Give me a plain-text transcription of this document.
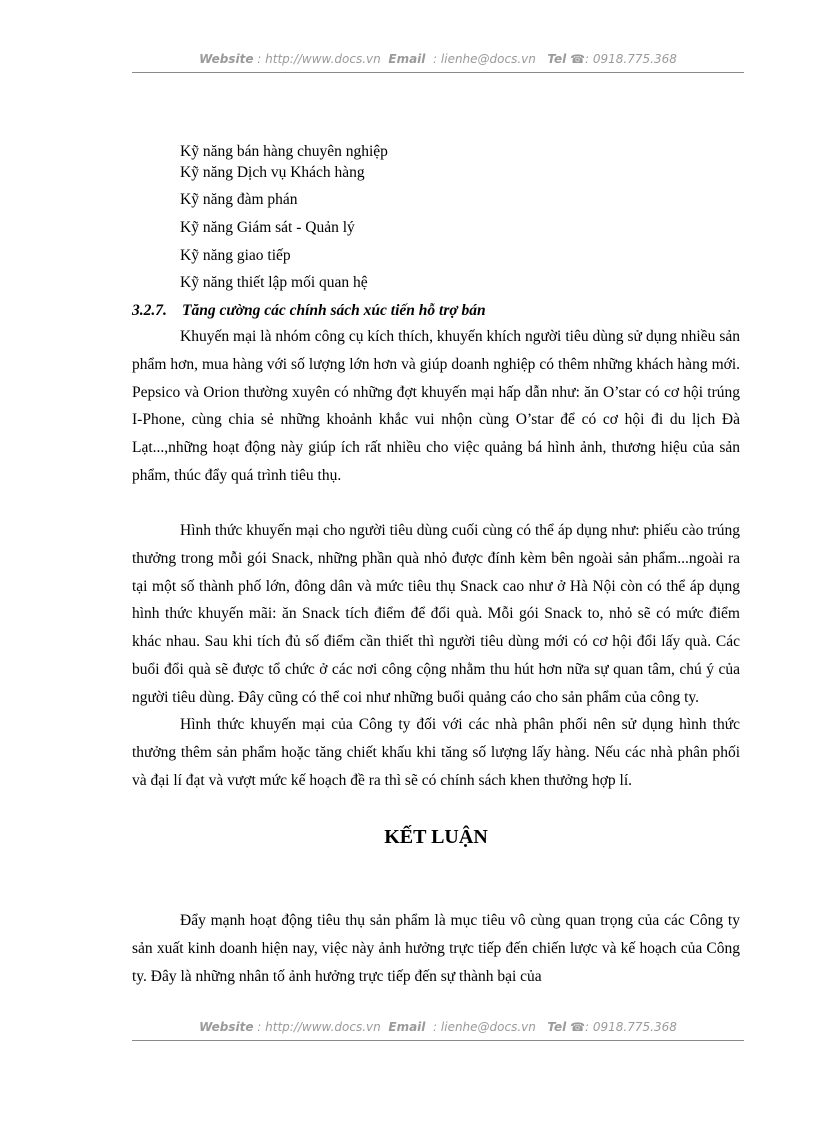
Website : http://www.docs.vn Email : lienhe@docs.vn Tel ☎: 0918.775.368
Kỹ năng bán hàng chuyên nghiệp
Kỹ năng Dịch vụ Khách hàng
Kỹ năng đàm phán
Kỹ năng Giám sát - Quản lý
Kỹ năng giao tiếp
Kỹ năng thiết lập mối quan hệ
3.2.7. Tăng cường các chính sách xúc tiến hỗ trợ bán

Khuyến mại là nhóm công cụ kích thích, khuyến khích người tiêu dùng sử dụng nhiều sản phẩm hơn, mua hàng với số lượng lớn hơn và giúp doanh nghiệp có thêm những khách hàng mới. Pepsico và Orion thường xuyên có những đợt khuyến mại hấp dẫn như: ăn O’star có cơ hội trúng I-Phone, cùng chia sẻ những khoảnh khắc vui nhộn cùng O’star để có cơ hội đi du lịch Đà Lạt...,những hoạt động này giúp ích rất nhiều cho việc quảng bá hình ảnh, thương hiệu của sản phẩm, thúc đẩy quá trình tiêu thụ.

Hình thức khuyến mại cho người tiêu dùng cuối cùng có thể áp dụng như: phiếu cào trúng thưởng trong mỗi gói Snack, những phần quà nhỏ được đính kèm bên ngoài sản phẩm...ngoài ra tại một số thành phố lớn, đông dân và mức tiêu thụ Snack cao như ở Hà Nội còn có thể áp dụng hình thức khuyến mãi: ăn Snack tích điểm để đổi quà. Mỗi gói Snack to, nhỏ sẽ có mức điểm khác nhau. Sau khi tích đủ số điểm cần thiết thì người tiêu dùng mới có cơ hội đổi lấy quà. Các buổi đổi quà sẽ được tổ chức ở các nơi công cộng nhằm thu hút hơn nữa sự quan tâm, chú ý của người tiêu dùng. Đây cũng có thể coi như những buổi quảng cáo cho sản phẩm của công ty.

Hình thức khuyến mại của Công ty đối với các nhà phân phối nên sử dụng hình thức thưởng thêm sản phẩm hoặc tăng chiết khấu khi tăng số lượng lấy hàng. Nếu các nhà phân phối và đại lí đạt và vượt mức kế hoạch đề ra thì sẽ có chính sách khen thưởng hợp lí.

KẾT LUẬN

Đẩy mạnh hoạt động tiêu thụ sản phẩm là mục tiêu vô cùng quan trọng của các Công ty sản xuất kinh doanh hiện nay, việc này ảnh hưởng trực tiếp đến chiến lược và kế hoạch của Công ty. Đây là những nhân tố ảnh hưởng trực tiếp đến sự thành bại của

Website : http://www.docs.vn Email : lienhe@docs.vn Tel ☎: 0918.775.368
